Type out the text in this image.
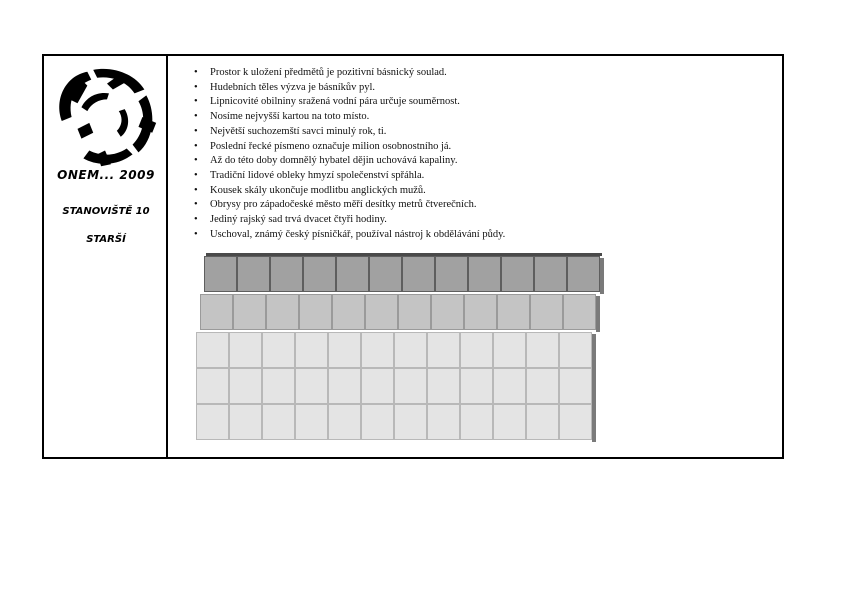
ONEM... 2009
STANOVIŠTĚ 10
STARŠÍ
• Prostor k uložení předmětů je pozitivní básnický soulad.
• Hudebních těles výzva je básníkův pyl.
• Lipnicovité obilniny sražená vodní pára určuje souměrnost.
• Nosíme nejvyšší kartou na toto místo.
• Největší suchozemští savci minulý rok, ti.
• Poslední řecké písmeno označuje milion osobnostního já.
• Až do této doby domnělý hybatel dějin uchovává kapaliny.
• Tradiční lidové obleky hmyzí společenství spřáhla.
• Kousek skály ukončuje modlitbu anglických mužů.
• Obrysy pro západočeské město měří desítky metrů čtverečních.
• Jediný rajský sad trvá dvacet čtyři hodiny.
• Uschoval, známý český písničkář, používal nástroj k obdělávání půdy.
